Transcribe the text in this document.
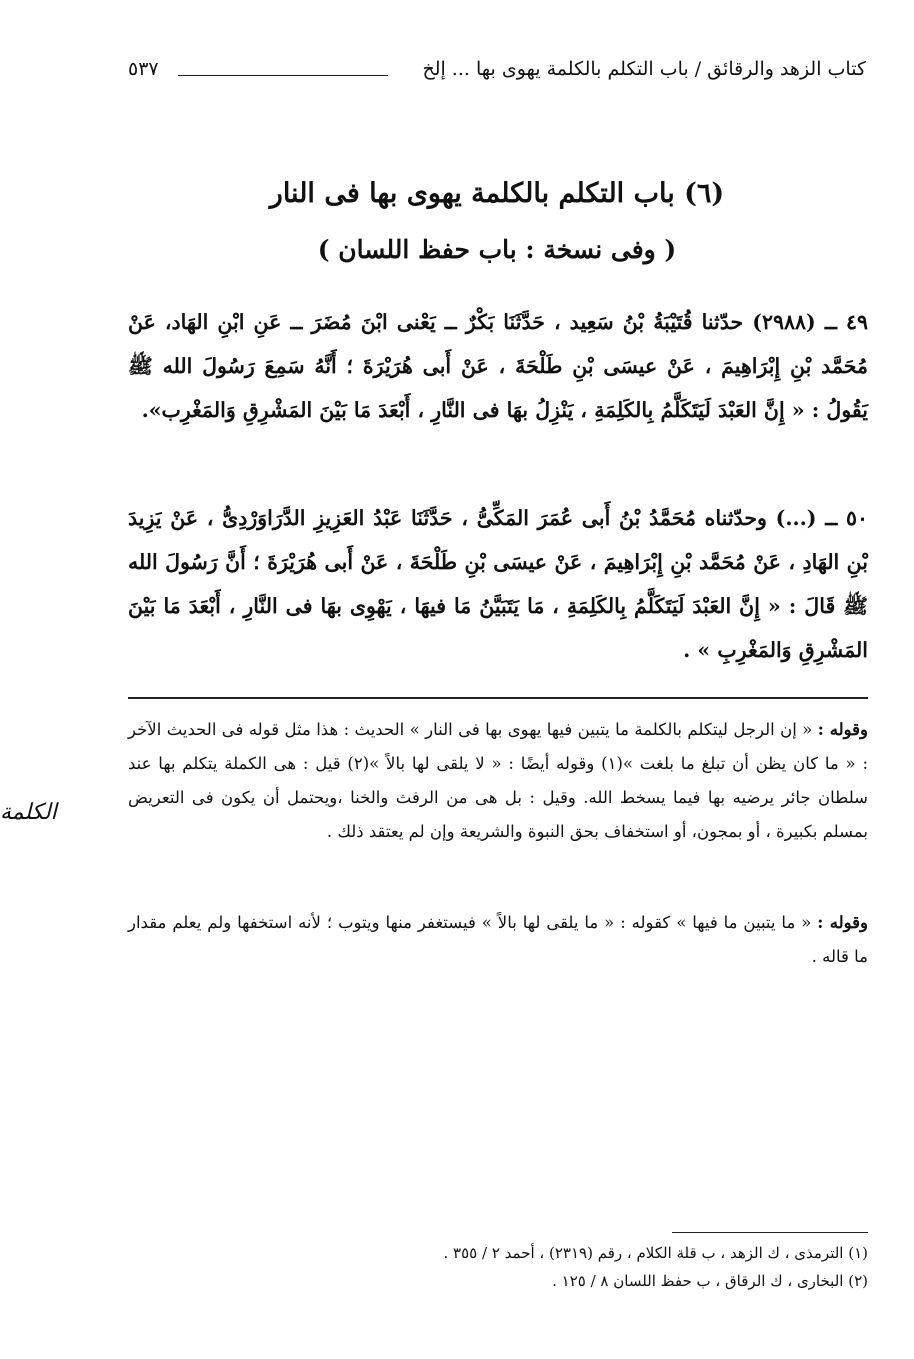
كتاب الزهد والرقائق / باب التكلم بالكلمة يهوى بها ... إلخ
٥٣٧
(٦) باب التكلم بالكلمة يهوى بها فى النار
( وفى نسخة : باب حفظ اللسان )
٤٩ ــ (٢٩٨٨) حدّثنا قُتَيْبَةُ بْنُ سَعِيد ، حَدَّثَنَا بَكْرٌ ــ يَعْنى ابْنَ مُضَرَ ــ عَنِ ابْنِ الهَاد، عَنْ مُحَمَّد بْنِ إِبْرَاهِيمَ ، عَنْ عيسَى بْنِ طَلْحَةَ ، عَنْ أَبى هُرَيْرَةَ ؛ أَنَّهُ سَمِعَ رَسُولَ الله ﷺ يَقُولُ : « إِنَّ العَبْدَ لَيَتَكَلَّمُ بِالكَلِمَةِ ، يَنْزِلُ بهَا فى النَّارِ ، أَبْعَدَ مَا بَيْنَ المَشْرِقِ وَالمَغْرِب».
٥٠ ــ (...) وحدّثناه مُحَمَّدُ بْنُ أَبى عُمَرَ المَكِّىُّ ، حَدَّثَنَا عَبْدُ العَزِيزِ الدَّرَاوَرْدِىُّ ، عَنْ يَزِيدَ بْنِ الهَادِ ، عَنْ مُحَمَّد بْنِ إِبْرَاهِيمَ ، عَنْ عيسَى بْنِ طَلْحَةَ ، عَنْ أَبى هُرَيْرَةَ ؛ أَنَّ رَسُولَ الله ﷺ قَالَ : « إِنَّ العَبْدَ لَيَتَكَلَّمُ بِالكَلِمَةِ ، مَا يَتَبَيَّنُ مَا فيهَا ، يَهْوِى بهَا فى النَّارِ ، أَبْعَدَ مَا بَيْنَ المَشْرِقِ وَالمَغْرِبِ » .
وقوله : « إن الرجل ليتكلم بالكلمة ما يتبين فيها يهوى بها فى النار » الحديث : هذا مثل قوله فى الحديث الآخر : « ما كان يظن أن تبلغ ما بلغت »(١) وقوله أيضًا : « لا يلقى لها بالاً »(٢) قيل : هى الكملة يتكلم بها عند سلطان جائر يرضيه بها فيما يسخط الله. وقيل : بل هى من الرفث والخنا ،ويحتمل أن يكون فى التعريض بمسلم بكبيرة ، أو بمجون، أو استخفاف بحق النبوة والشريعة وإن لم يعتقد ذلك .
وقوله : « ما يتبين ما فيها » كقوله : « ما يلقى لها بالاً » فيستغفر منها ويتوب ؛ لأنه استخفها ولم يعلم مقدار ما قاله .
الكلمة
(١) الترمذى ، ك الزهد ، ب قلة الكلام ، رقم (٢٣١٩) ، أحمد ٢ / ٣٥٥ .
(٢) البخارى ، ك الرقاق ، ب حفظ اللسان ٨ / ١٢٥ .
